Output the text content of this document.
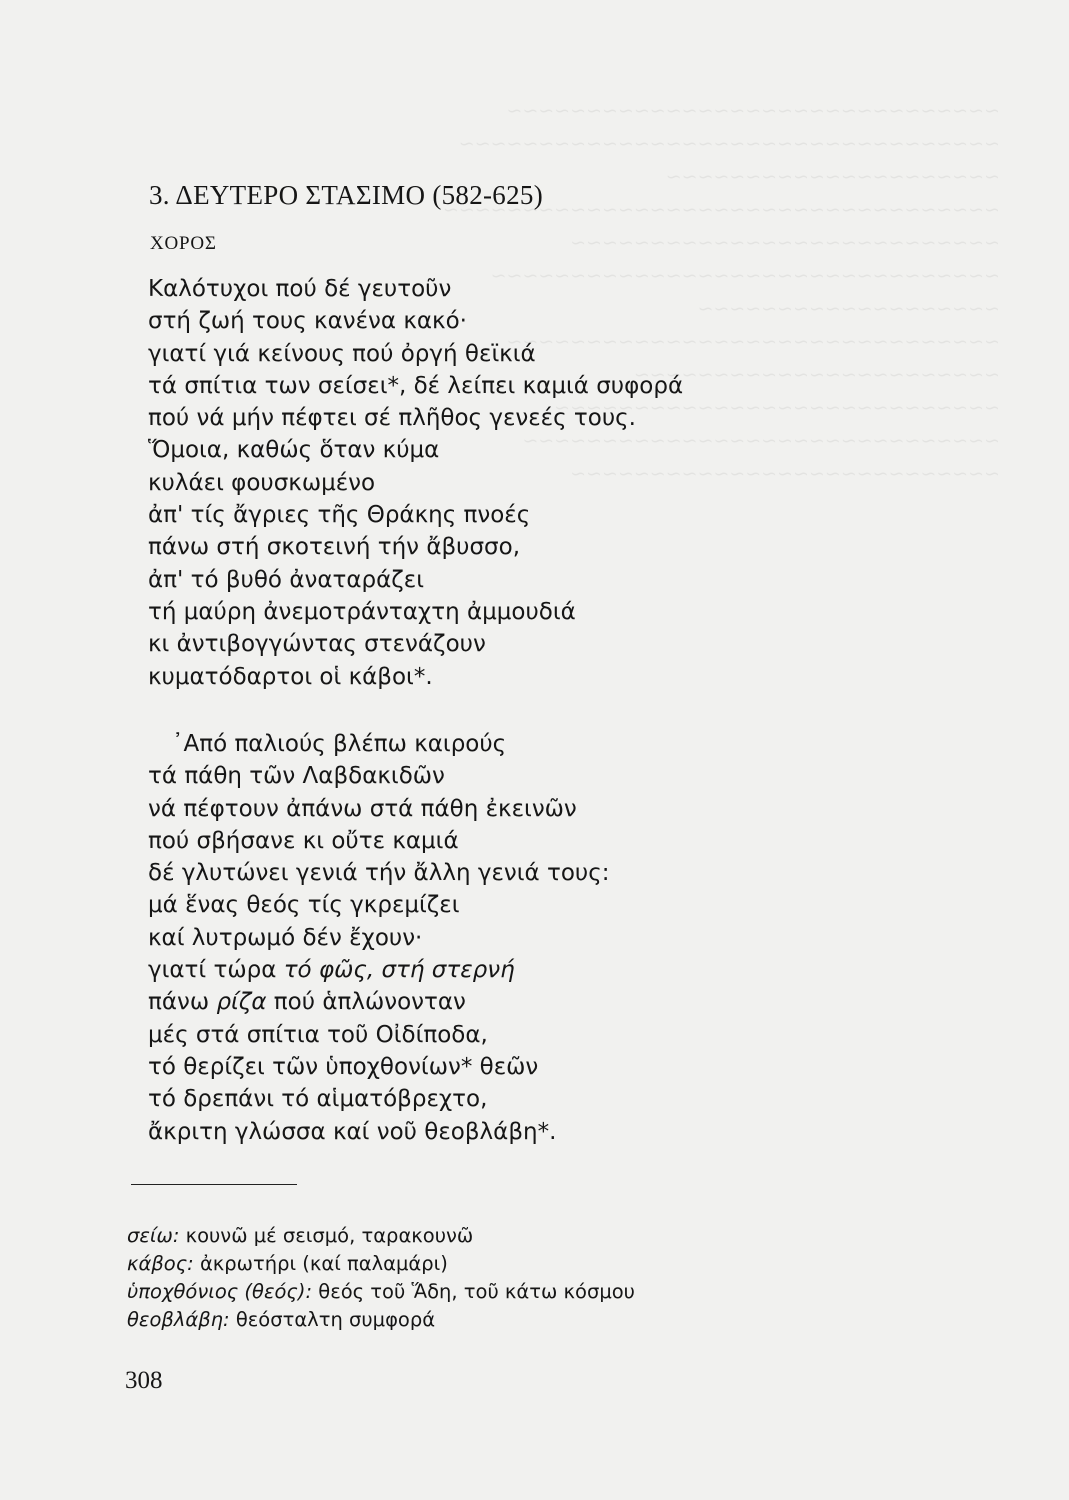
~~~~~~~~~~~~~~~~~~~~~~~~~~~~~~~
~~~~~~~~~~~~~~~~~~~~~~~~~~~~~~~~~~
~~~~~~~~~~~~~~~~~~~~~
~~~~~~~~~~~~~~~~~~~~~~~~~~~~~~~~~~~
~~~~~~~~~~~~~~~~~~~~~~~~~~~
~~~~~~~~~~~~~~~~~~~~~~~~~~~~~~~~
~~~~~~~~~~~~~~~~~~~
~~~~~~~~~~~~~~~~~~~~~~~~~~~~~~~
~~~~~~~~~~~~~~~~~~~~~~~
~~~~~~~~~~~~~~~~~~~~~~~~~~~~
~~~~~~~~~~~~~~~~~~~~~~~~~~~~~~
~~~~~~~~~~~~~~~~~~~~~~~~~~~
3. ΔΕΥΤΕΡΟ ΣΤΑΣΙΜΟ (582-625)
ΧΟΡΟΣ
Καλότυχοι πού δέ γευτοῦν
στή ζωή τους κανένα κακό·
γιατί γιά κείνους πού ὀργή θεϊκιά
τά σπίτια των σείσει*, δέ λείπει καμιά συφορά
πού νά μήν πέφτει σέ πλῆθος γενεές τους.
Ὅμοια, καθώς ὅταν κύμα
κυλάει φουσκωμένο
ἀπ' τίς ἄγριες τῆς Θράκης πνοές
πάνω στή σκοτεινή τήν ἄβυσσο,
ἀπ' τό βυθό ἀναταράζει
τή μαύρη ἀνεμοτράνταχτη ἀμμουδιά
κι ἀντιβογγώντας στενάζουν
κυματόδαρτοι οἱ κάβοι*.
᾿Από παλιούς βλέπω καιρούς
τά πάθη τῶν Λαβδακιδῶν
νά πέφτουν ἀπάνω στά πάθη ἐκεινῶν
πού σβήσανε κι οὔτε καμιά
δέ γλυτώνει γενιά τήν ἄλλη γενιά τους:
μά ἕνας θεός τίς γκρεμίζει
καί λυτρωμό δέν ἔχουν·
γιατί τώρα τό φῶς, στή στερνή
πάνω ρίζα πού ἁπλώνονταν
μές στά σπίτια τοῦ Οἰδίποδα,
τό θερίζει τῶν ὑποχθονίων* θεῶν
τό δρεπάνι τό αἱματόβρεχτο,
ἄκριτη γλώσσα καί νοῦ θεοβλάβη*.
σείω: κουνῶ μέ σεισμό, ταρακουνῶ
κάβος: ἀκρωτήρι (καί παλαμάρι)
ὑποχθόνιος (θεός): θεός τοῦ Ἅδη, τοῦ κάτω κόσμου
θεοβλάβη: θεόσταλτη συμφορά
308
